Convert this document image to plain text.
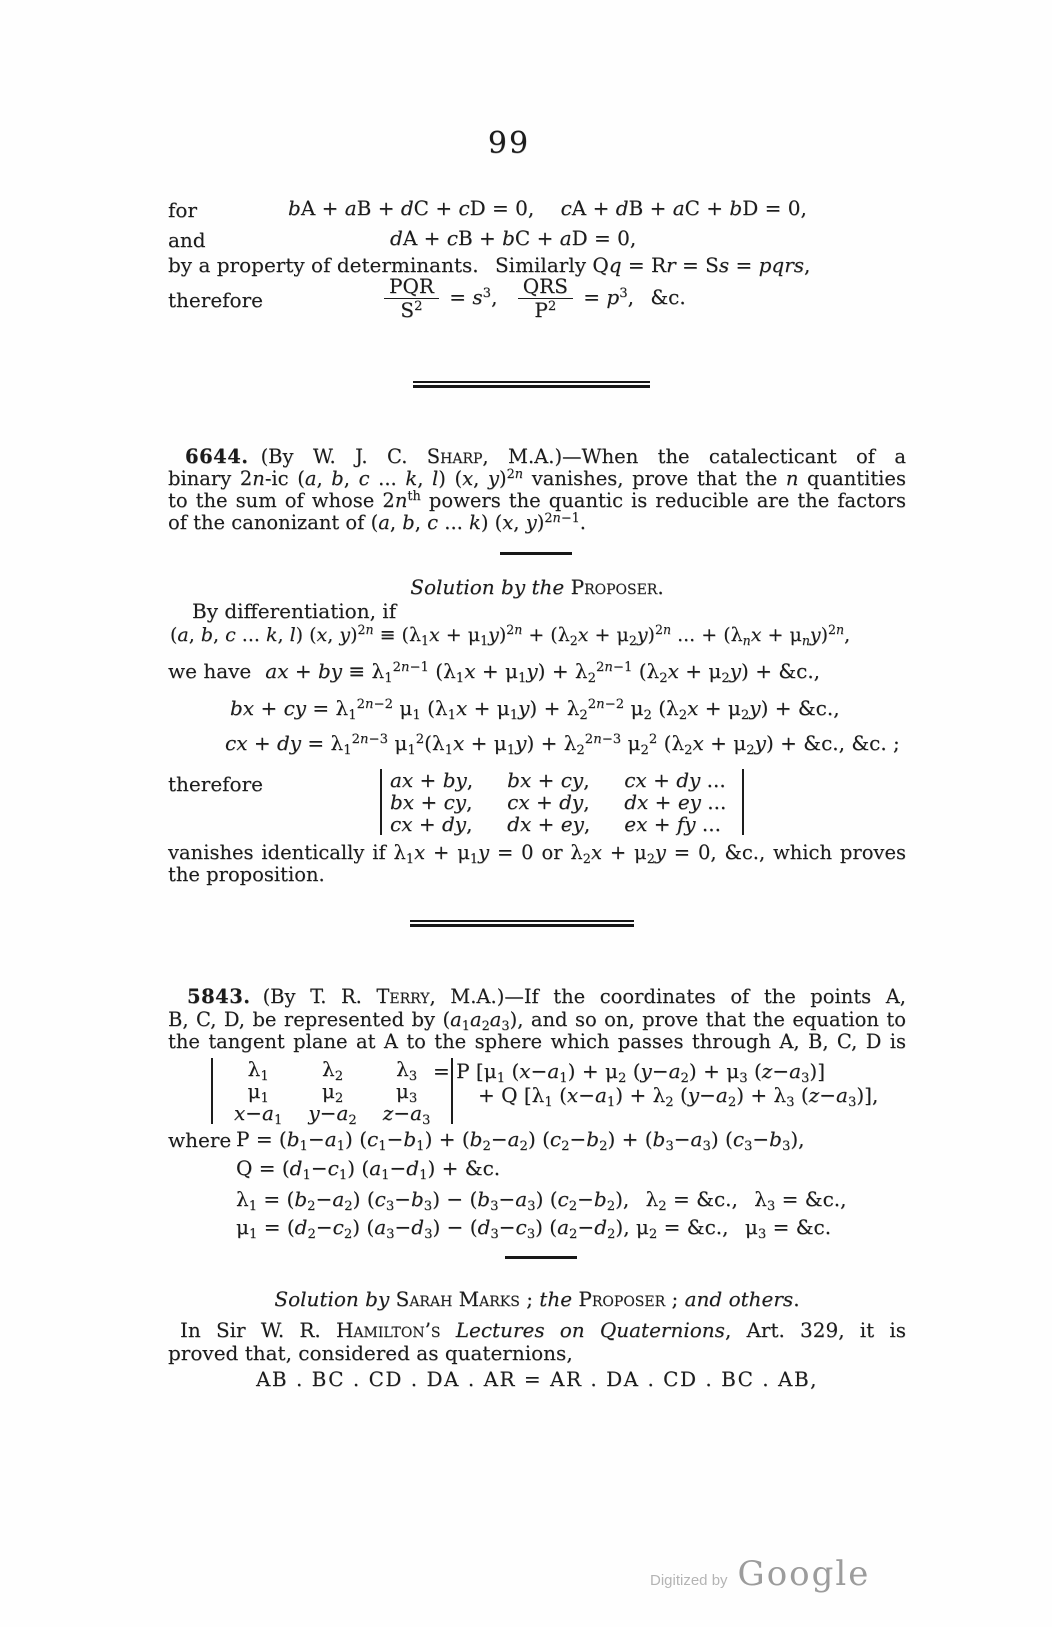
99
for	bA + aB + dC + cD = 0,  cA + dB + aC + bD = 0,
and	dA + cB + bC + aD = 0,
by a property of determinants.  Similarly Qq = Rr = Ss = pqrs,
therefore	$\frac{\text{PQR}}{S^2} = s^3$, $\frac{\text{QRS}}{P^2} = p^3$,  &c.
6644. (By W. J. C. Sharp, M.A.)—When the catalecticant of a
binary 2n-ic (a, b, c ... k, l) (x, y)$^{2n}$ vanishes, prove that the n quantities
to the sum of whose $2n^{th}$ powers the quantic is reducible are the factors
of the canonizant of (a, b, c ... k) (x, y)$^{2n-1}$.
Solution by the Proposer.
By differentiation, if
(a, b, c ... k, l) (x, $y)^{2n} \equiv (\lambda_1x + \mu_1y)^{2n} + (\lambda_2x + \mu_2y)^{2n}$ ... + $(\lambda_nx + \mu_ny)^{2n}$,
we have ax + by ≡ $\lambda_1^{2n-1}$ $(\lambda_1x + \mu_1y) + \lambda_2^{2n-1}$ $(\lambda_2x + \mu_2y)$ + &c.,
bx + cy = $\lambda_1^{2n-2}$ $\mu_1$ $(\lambda_1x + \mu_1y) + \lambda_2^{2n-2}$ $\mu_2$ $(\lambda_2x + \mu_2y)$ + &c.,
cx + dy = $\lambda_1^{2n-3}$ $\mu_1^2(\lambda_1x + \mu_1y) + \lambda_2^{2n-3}$ $\mu_2^2$ $(\lambda_2x + \mu_2y)$ + &c., &c. ;
therefore	ax + by,	bx + cy,	cx + dy ...
bx + cy,	cx + dy,	dx + ey ...
cx + dy,	dx + ey,	ex + fy ...
vanishes identically if $\lambda_1x + \mu_1y = 0$ or $\lambda_2x + \mu_2y = 0$, &c., which proves
the proposition.
5843. (By T. R. Terry, M.A.)—If the coordinates of the points A,
B, C, D, be represented by $(a_1a_2a_3)$, and so on, prove that the equation to
the tangent plane at A to the sphere which passes through A, B, C, D is
$\lambda_1$	$\lambda_2$	$\lambda_3$
$\mu_1$	$\mu_2$	$\mu_3$
$x-a_1$	$y-a_2$	$z-a_3$
= P [$\mu_1$ $(x-a_1) + \mu_2$ $(y-a_2) + \mu_3$ $(z-a_3)$]
+ Q [$\lambda_1$ $(x-a_1) + \lambda_2$ $(y-a_2) + \lambda_3$ $(z-a_3)$],
where $P = (b_1-a_1) (c_1-b_1) + (b_2-a_2) (c_2-b_2) + (b_3-a_3)$ $(c_3-b_3)$,
$Q = (d_1-c_1) (a_1-d_1)$ + &c.
$\lambda_1 = (b_2-a_2) (c_3-b_3) - (b_3-a_3)$ $(c_2-b_2)$,  $\lambda_2$ = &c.,  $\lambda_3$ = &c.,
$\mu_1 = (d_2-c_2) (a_3-d_3) - (d_3-c_3)$ $(a_2-d_2)$, $\mu_2$ = &c.,  $\mu_3$ = &c.
Solution by Sarah Marks ; the Proposer ; and others.
In Sir W. R. Hamilton’s Lectures on Quaternions, Art. 329, it is
proved that, considered as quaternions,
AB . BC . CD . DA . AR = AR . DA . CD . BC . AB,
Digitized by Google
